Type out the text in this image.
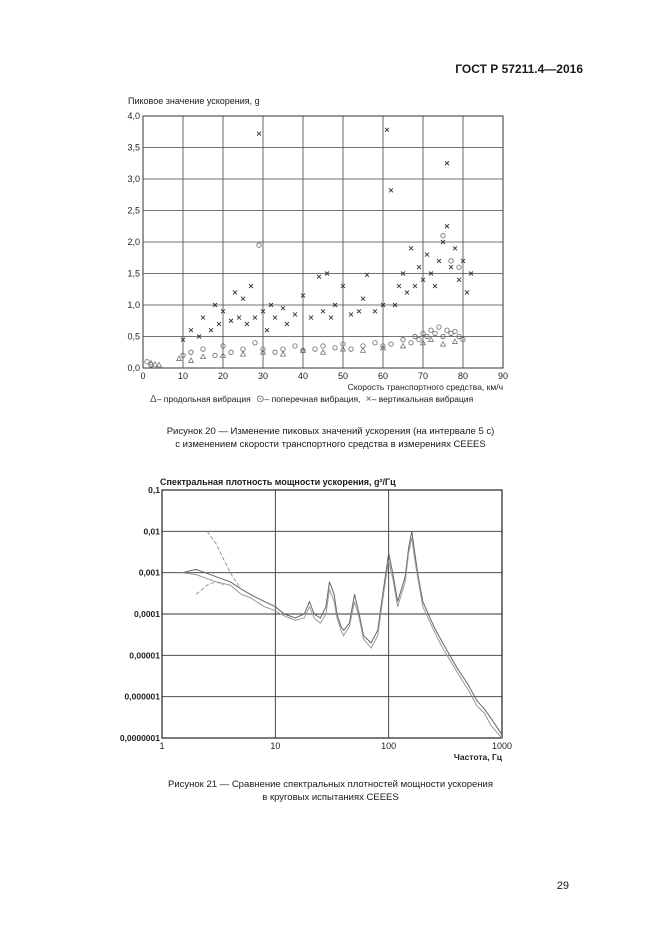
ГОСТ Р 57211.4—2016
Пиковое значение ускорения, g
0	10	20	30	40	50	60	70	80	90
0,0
0,5
1,0
1,5
2,0
2,5
3,0
3,5
4,0
Скорость транспортного средства, км/ч
Δ– продольная вибрация ⊙– поперечная вибрация, ×– вертикальная вибрация
Рисунок 20 — Изменение пиковых значений ускорения (на интервале 5 с)
с изменением скорости транспортного средства в измерениях CEEES
Спектральная плотность мощности ускорения, g²/Гц
1	10	100	1000
0,1
0,01
0,001
0,0001
0,00001
0,000001
0,0000001
Частота, Гц
Рисунок 21 — Сравнение спектральных плотностей мощности ускорения
в круговых испытаниях CEEES
29
